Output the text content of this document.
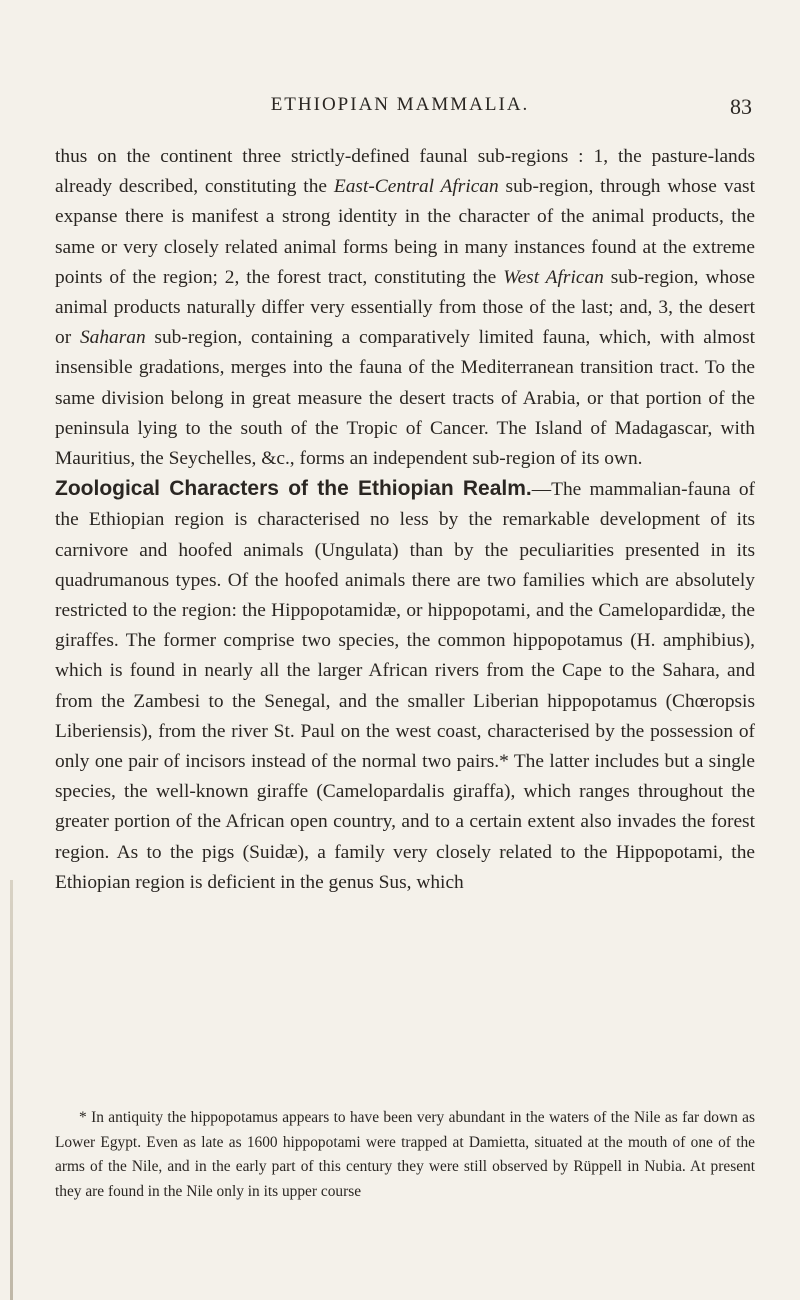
ETHIOPIAN MAMMALIA.	83

thus on the continent three strictly-defined faunal sub-regions : 1, the pasture-lands already described, constituting the East-Central African sub-region, through whose vast expanse there is manifest a strong identity in the character of the animal products, the same or very closely related animal forms being in many instances found at the extreme points of the region; 2, the forest tract, constituting the West African sub-region, whose animal products naturally differ very essentially from those of the last; and, 3, the desert or Saharan sub-region, containing a comparatively limited fauna, which, with almost insensible gradations, merges into the fauna of the Mediterranean transition tract. To the same division belong in great measure the desert tracts of Arabia, or that portion of the peninsula lying to the south of the Tropic of Cancer. The Island of Madagascar, with Mauritius, the Seychelles, &c., forms an independent sub-region of its own.

Zoological Characters of the Ethiopian Realm.—The mammalian-fauna of the Ethiopian region is characterised no less by the remarkable development of its carnivore and hoofed animals (Ungulata) than by the peculiarities presented in its quadrumanous types. Of the hoofed animals there are two families which are absolutely restricted to the region: the Hippopotamidæ, or hippopotami, and the Camelopardidæ, the giraffes. The former comprise two species, the common hippopotamus (H. amphibius), which is found in nearly all the larger African rivers from the Cape to the Sahara, and from the Zambesi to the Senegal, and the smaller Liberian hippopotamus (Chœropsis Liberiensis), from the river St. Paul on the west coast, characterised by the possession of only one pair of incisors instead of the normal two pairs.* The latter includes but a single species, the well-known giraffe (Camelopardalis giraffa), which ranges throughout the greater portion of the African open country, and to a certain extent also invades the forest region. As to the pigs (Suidæ), a family very closely related to the Hippopotami, the Ethiopian region is deficient in the genus Sus, which

* In antiquity the hippopotamus appears to have been very abundant in the waters of the Nile as far down as Lower Egypt. Even as late as 1600 hippopotami were trapped at Damietta, situated at the mouth of one of the arms of the Nile, and in the early part of this century they were still observed by Rüppell in Nubia. At present they are found in the Nile only in its upper course
